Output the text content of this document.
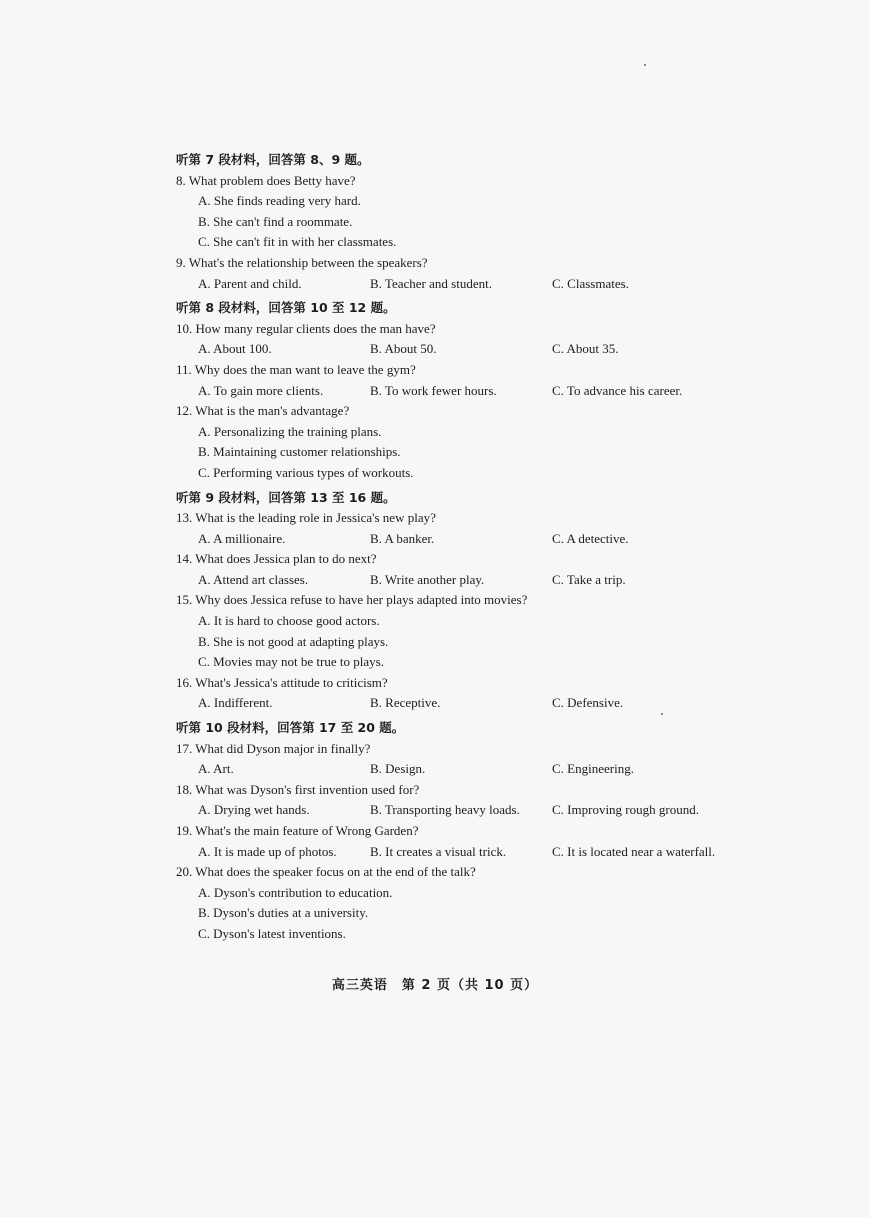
听第 7 段材料，回答第 8、9 题。
8. What problem does Betty have?
A. She finds reading very hard.
B. She can't find a roommate.
C. She can't fit in with her classmates.
9. What's the relationship between the speakers?
A. Parent and child.	B. Teacher and student.	C. Classmates.
听第 8 段材料，回答第 10 至 12 题。
10. How many regular clients does the man have?
A. About 100.	B. About 50.	C. About 35.
11. Why does the man want to leave the gym?
A. To gain more clients.	B. To work fewer hours.	C. To advance his career.
12. What is the man's advantage?
A. Personalizing the training plans.
B. Maintaining customer relationships.
C. Performing various types of workouts.
听第 9 段材料，回答第 13 至 16 题。
13. What is the leading role in Jessica's new play?
A. A millionaire.	B. A banker.	C. A detective.
14. What does Jessica plan to do next?
A. Attend art classes.	B. Write another play.	C. Take a trip.
15. Why does Jessica refuse to have her plays adapted into movies?
A. It is hard to choose good actors.
B. She is not good at adapting plays.
C. Movies may not be true to plays.
16. What's Jessica's attitude to criticism?
A. Indifferent.	B. Receptive.	C. Defensive.
听第 10 段材料，回答第 17 至 20 题。
17. What did Dyson major in finally?
A. Art.	B. Design.	C. Engineering.
18. What was Dyson's first invention used for?
A. Drying wet hands.	B. Transporting heavy loads.	C. Improving rough ground.
19. What's the main feature of Wrong Garden?
A. It is made up of photos.	B. It creates a visual trick.	C. It is located near a waterfall.
20. What does the speaker focus on at the end of the talk?
A. Dyson's contribution to education.
B. Dyson's duties at a university.
C. Dyson's latest inventions.
高三英语　第 2 页（共 10 页）
